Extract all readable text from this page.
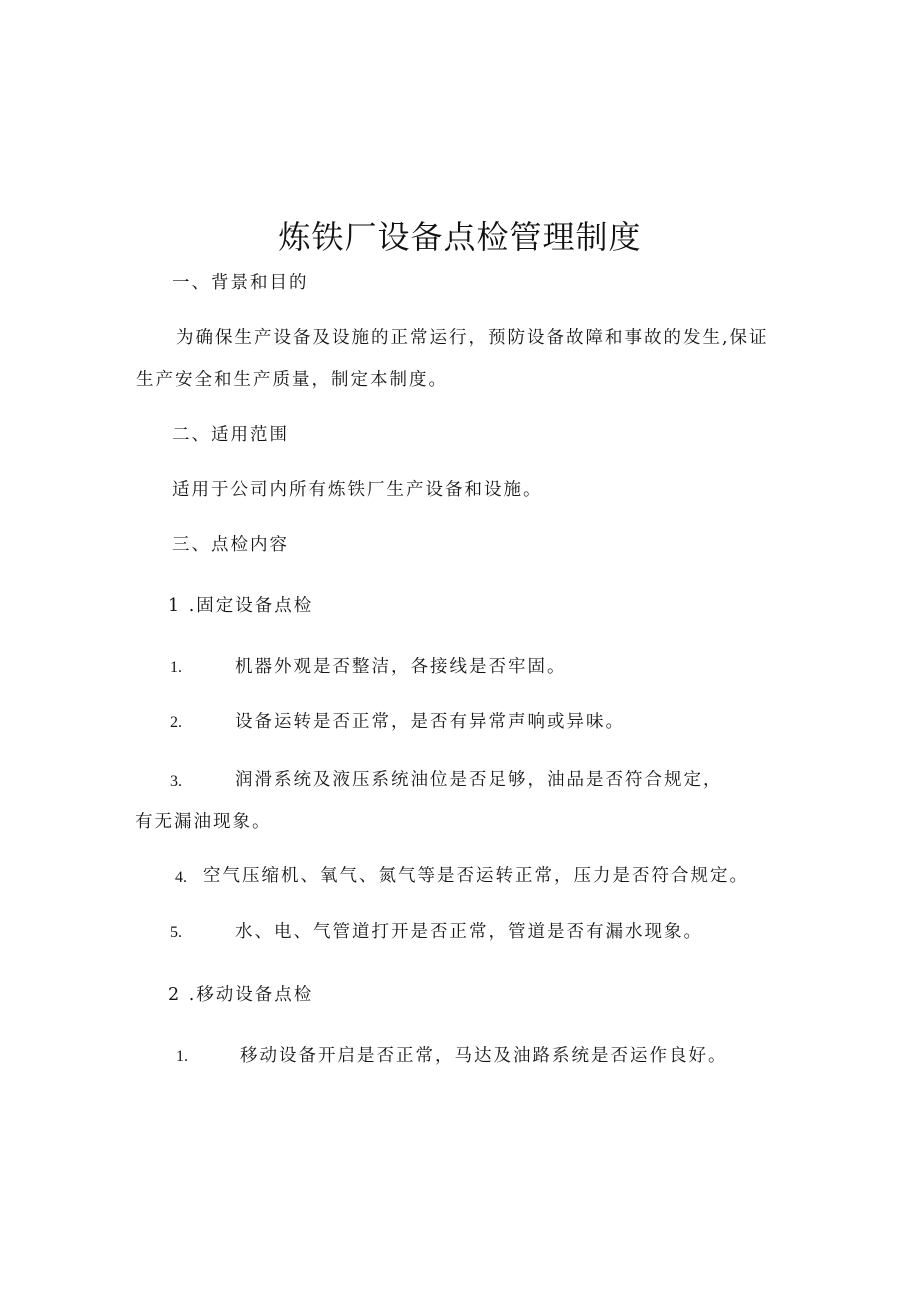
炼铁厂设备点检管理制度
一、背景和目的
为确保生产设备及设施的正常运行，预防设备故障和事故的发生,保证
生产安全和生产质量，制定本制度。
二、适用范围
适用于公司内所有炼铁厂生产设备和设施。
三、点检内容
1 .固定设备点检
1.	机器外观是否整洁，各接线是否牢固。
2.	设备运转是否正常，是否有异常声响或异味。
3.	润滑系统及液压系统油位是否足够，油品是否符合规定，
有无漏油现象。
4. 空气压缩机、氧气、氮气等是否运转正常，压力是否符合规定。
5.	水、电、气管道打开是否正常，管道是否有漏水现象。
2 .移动设备点检
1.	移动设备开启是否正常，马达及油路系统是否运作良好。
